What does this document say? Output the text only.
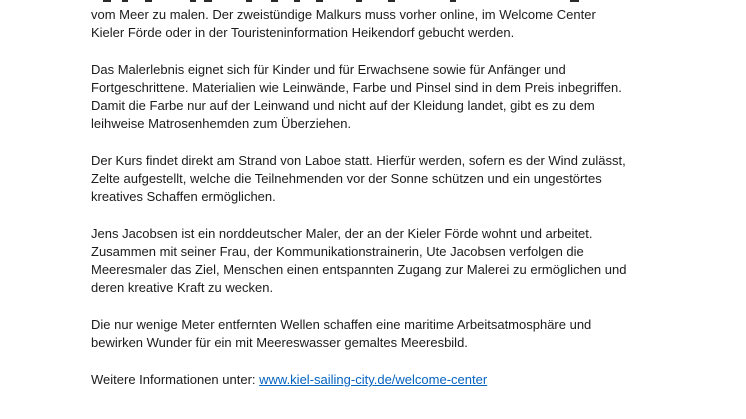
vom Meer zu malen. Der zweistündige Malkurs muss vorher online, im Welcome Center
Kieler Förde oder in der Touristeninformation Heikendorf gebucht werden.
Das Malerlebnis eignet sich für Kinder und für Erwachsene sowie für Anfänger und
Fortgeschrittene. Materialien wie Leinwände, Farbe und Pinsel sind in dem Preis inbegriffen.
Damit die Farbe nur auf der Leinwand und nicht auf der Kleidung landet, gibt es zu dem
leihweise Matrosenhemden zum Überziehen.
Der Kurs findet direkt am Strand von Laboe statt. Hierfür werden, sofern es der Wind zulässt,
Zelte aufgestellt, welche die Teilnehmenden vor der Sonne schützen und ein ungestörtes
kreatives Schaffen ermöglichen.
Jens Jacobsen ist ein norddeutscher Maler, der an der Kieler Förde wohnt und arbeitet.
Zusammen mit seiner Frau, der Kommunikationstrainerin, Ute Jacobsen verfolgen die
Meeresmaler das Ziel, Menschen einen entspannten Zugang zur Malerei zu ermöglichen und
deren kreative Kraft zu wecken.
Die nur wenige Meter entfernten Wellen schaffen eine maritime Arbeitsatmosphäre und
bewirken Wunder für ein mit Meereswasser gemaltes Meeresbild.
Weitere Informationen unter: www.kiel-sailing-city.de/welcome-center
